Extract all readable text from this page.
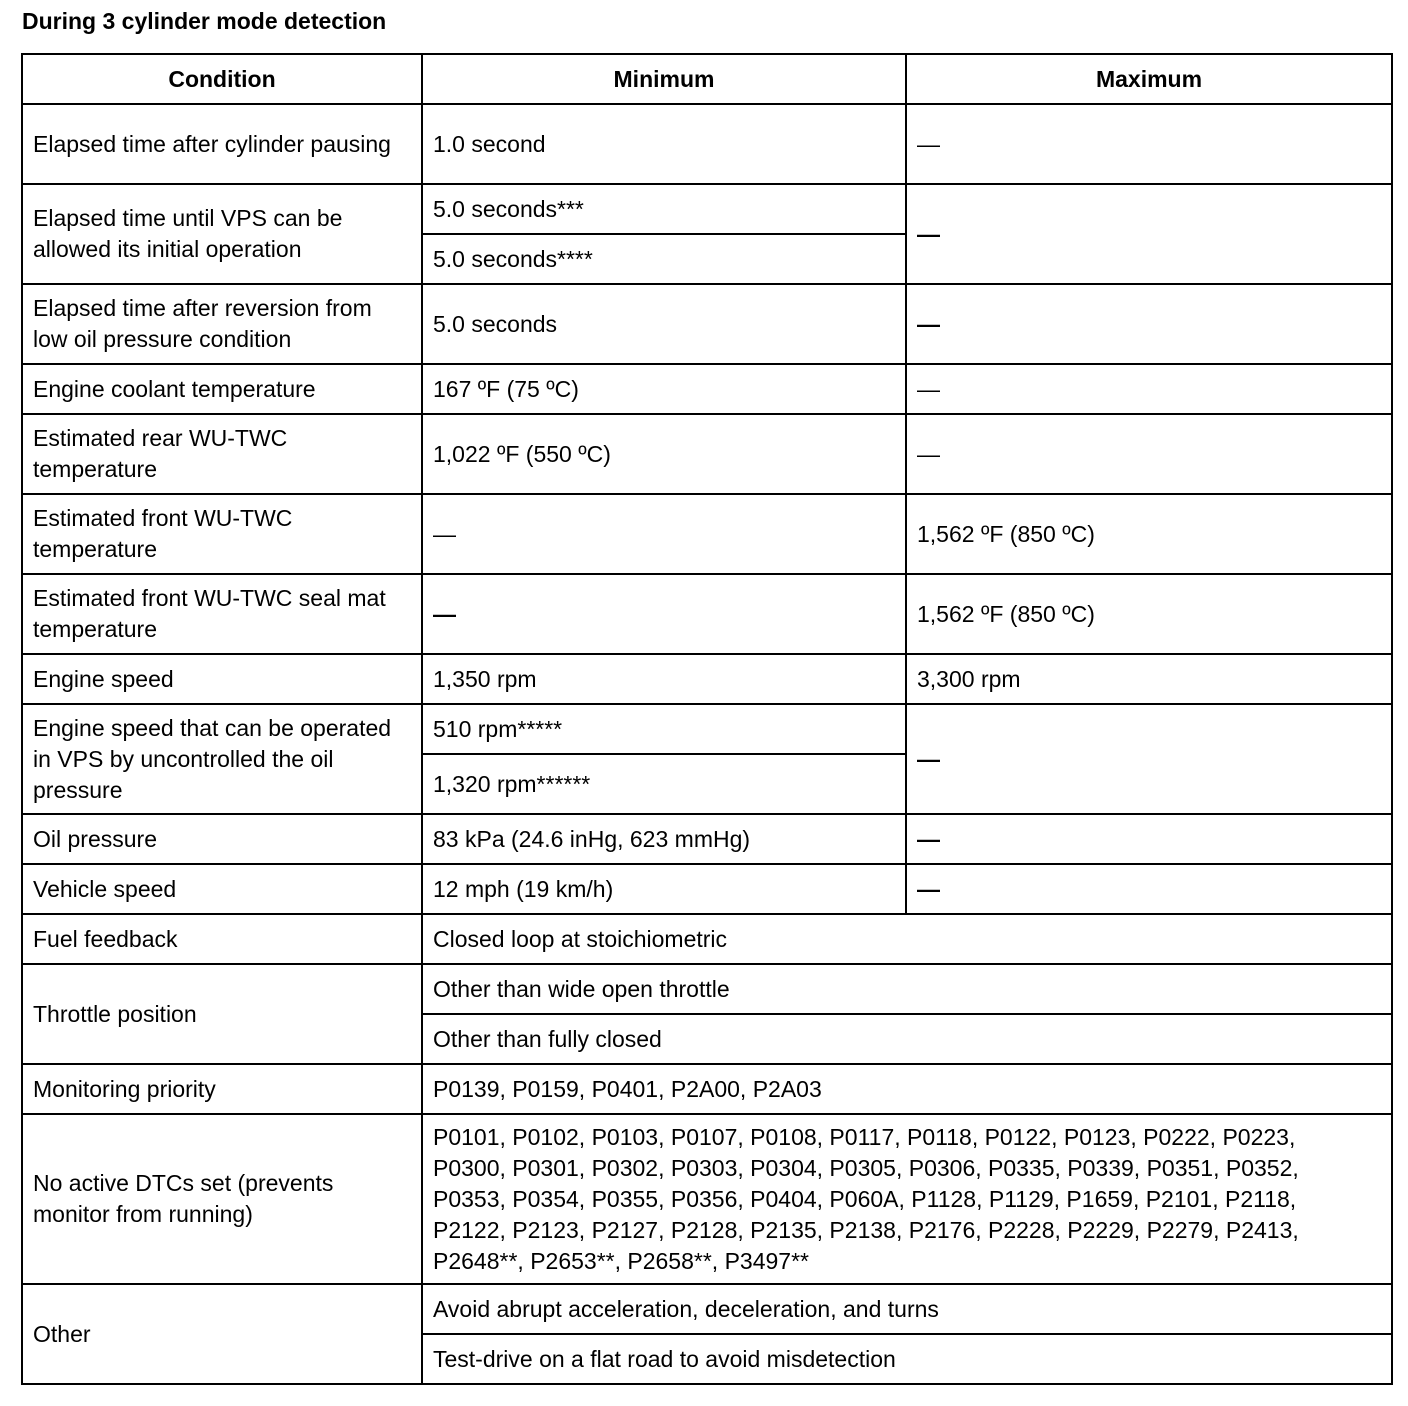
During 3 cylinder mode detection
Condition	Minimum	Maximum
Elapsed time after cylinder pausing	1.0 second	—
Elapsed time until VPS can be allowed its initial operation	5.0 seconds***	—
	5.0 seconds****	
Elapsed time after reversion from low oil pressure condition	5.0 seconds	—
Engine coolant temperature	167 ºF (75 ºC)	—
Estimated rear WU-TWC temperature	1,022 ºF (550 ºC)	—
Estimated front WU-TWC temperature	—	1,562 ºF (850 ºC)
Estimated front WU-TWC seal mat temperature	—	1,562 ºF (850 ºC)
Engine speed	1,350 rpm	3,300 rpm
Engine speed that can be operated in VPS by uncontrolled the oil pressure	510 rpm*****	—
	1,320 rpm******	
Oil pressure	83 kPa (24.6 inHg, 623 mmHg)	—
Vehicle speed	12 mph (19 km/h)	—
Fuel feedback	Closed loop at stoichiometric	
Throttle position	Other than wide open throttle	
	Other than fully closed	
Monitoring priority	P0139, P0159, P0401, P2A00, P2A03	
No active DTCs set (prevents monitor from running)	P0101, P0102, P0103, P0107, P0108, P0117, P0118, P0122, P0123, P0222, P0223,
P0300, P0301, P0302, P0303, P0304, P0305, P0306, P0335, P0339, P0351, P0352,
P0353, P0354, P0355, P0356, P0404, P060A, P1128, P1129, P1659, P2101, P2118,
P2122, P2123, P2127, P2128, P2135, P2138, P2176, P2228, P2229, P2279, P2413,
P2648**, P2653**, P2658**, P3497**	

Other	Avoid abrupt acceleration, deceleration, and turns	
	Test-drive on a flat road to avoid misdetection	
